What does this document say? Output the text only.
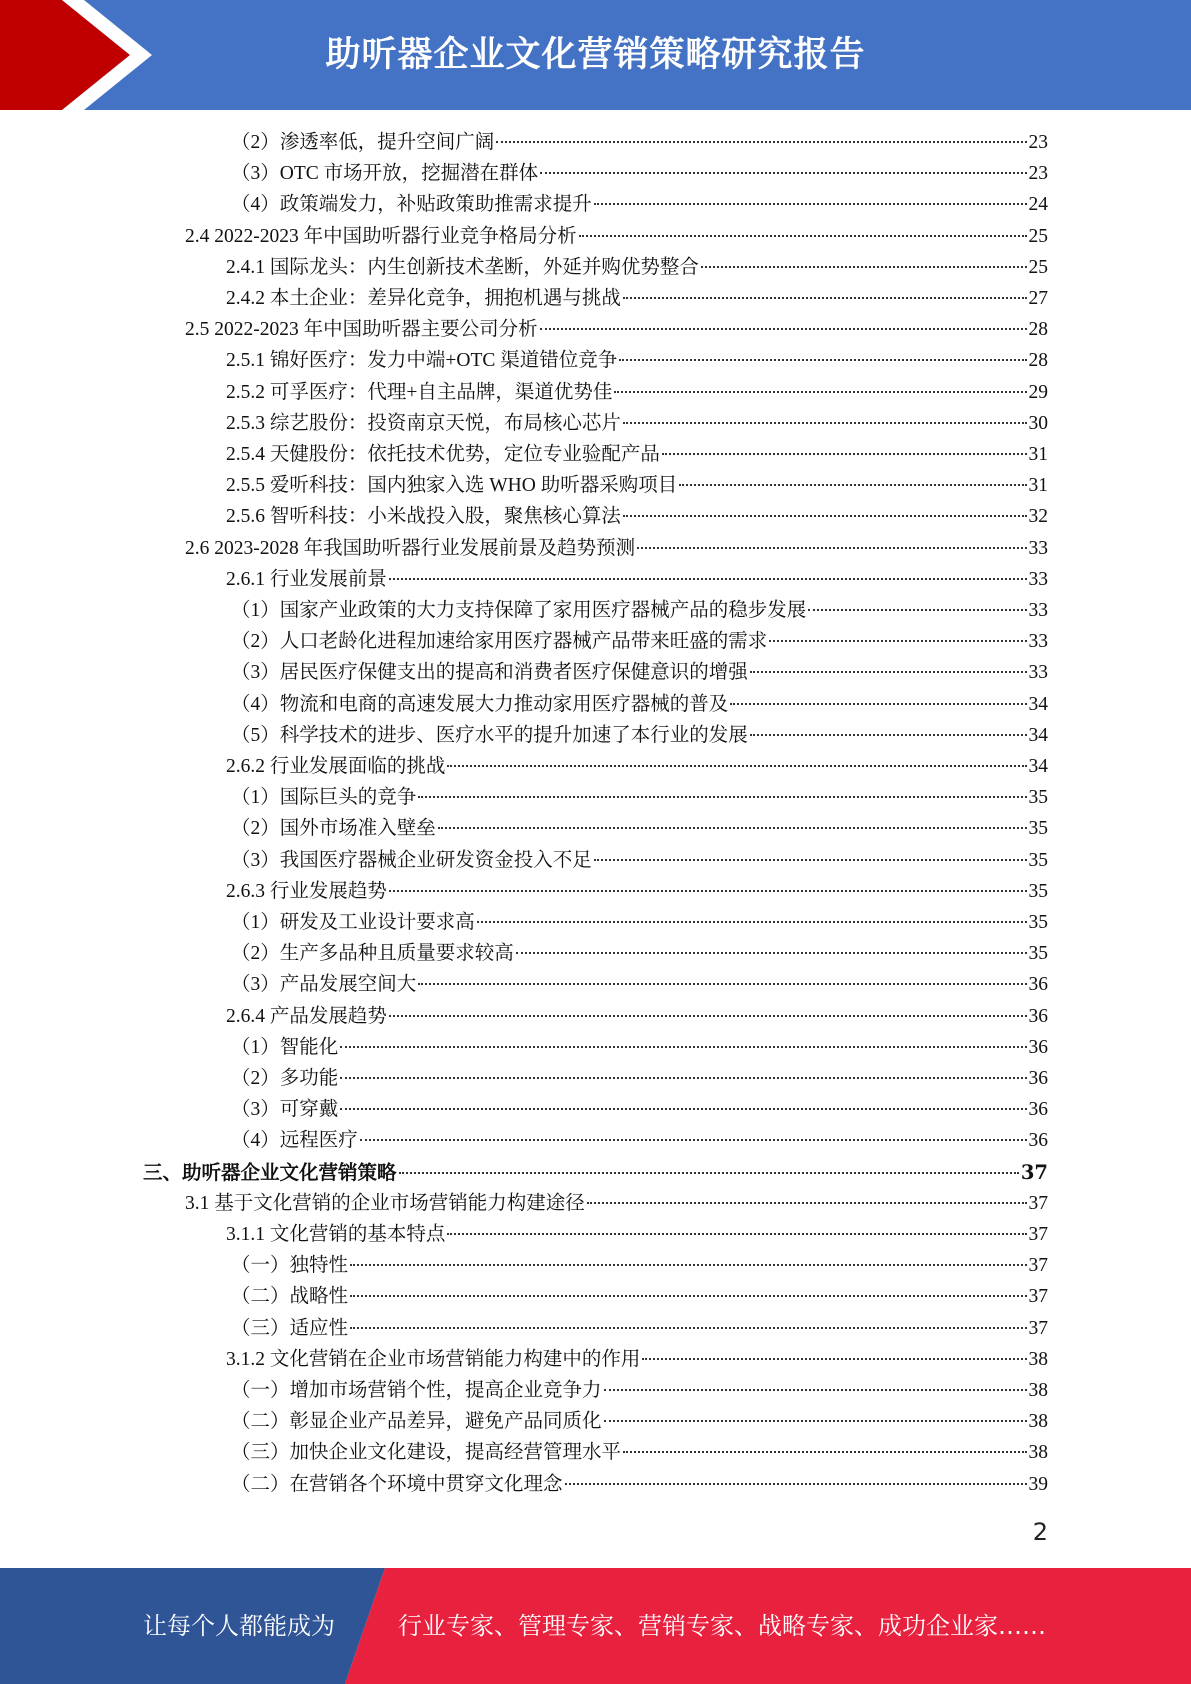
助听器企业文化营销策略研究报告
（2）渗透率低，提升空间广阔	23
（3）OTC 市场开放，挖掘潜在群体	23
（4）政策端发力，补贴政策助推需求提升	24
2.4 2022-2023 年中国助听器行业竞争格局分析	25
2.4.1 国际龙头：内生创新技术垄断，外延并购优势整合	25
2.4.2 本土企业：差异化竞争，拥抱机遇与挑战	27
2.5 2022-2023 年中国助听器主要公司分析	28
2.5.1 锦好医疗：发力中端+OTC 渠道错位竞争	28
2.5.2 可孚医疗：代理+自主品牌，渠道优势佳	29
2.5.3 综艺股份：投资南京天悦，布局核心芯片	30
2.5.4 天健股份：依托技术优势，定位专业验配产品	31
2.5.5 爱听科技：国内独家入选 WHO 助听器采购项目	31
2.5.6 智听科技：小米战投入股，聚焦核心算法	32
2.6 2023-2028 年我国助听器行业发展前景及趋势预测	33
2.6.1 行业发展前景	33
（1）国家产业政策的大力支持保障了家用医疗器械产品的稳步发展	33
（2）人口老龄化进程加速给家用医疗器械产品带来旺盛的需求	33
（3）居民医疗保健支出的提高和消费者医疗保健意识的增强	33
（4）物流和电商的高速发展大力推动家用医疗器械的普及	34
（5）科学技术的进步、医疗水平的提升加速了本行业的发展	34
2.6.2 行业发展面临的挑战	34
（1）国际巨头的竞争	35
（2）国外市场准入壁垒	35
（3）我国医疗器械企业研发资金投入不足	35
2.6.3 行业发展趋势	35
（1）研发及工业设计要求高	35
（2）生产多品种且质量要求较高	35
（3）产品发展空间大	36
2.6.4 产品发展趋势	36
（1）智能化	36
（2）多功能	36
（3）可穿戴	36
（4）远程医疗	36
三、助听器企业文化营销策略	37
3.1 基于文化营销的企业市场营销能力构建途径	37
3.1.1 文化营销的基本特点	37
（一）独特性	37
（二）战略性	37
（三）适应性	37
3.1.2 文化营销在企业市场营销能力构建中的作用	38
（一）增加市场营销个性，提高企业竞争力	38
（二）彰显企业产品差异，避免产品同质化	38
（三）加快企业文化建设，提高经营管理水平	38
（二）在营销各个环境中贯穿文化理念	39
2
让每个人都能成为	行业专家、管理专家、营销专家、战略专家、成功企业家……
